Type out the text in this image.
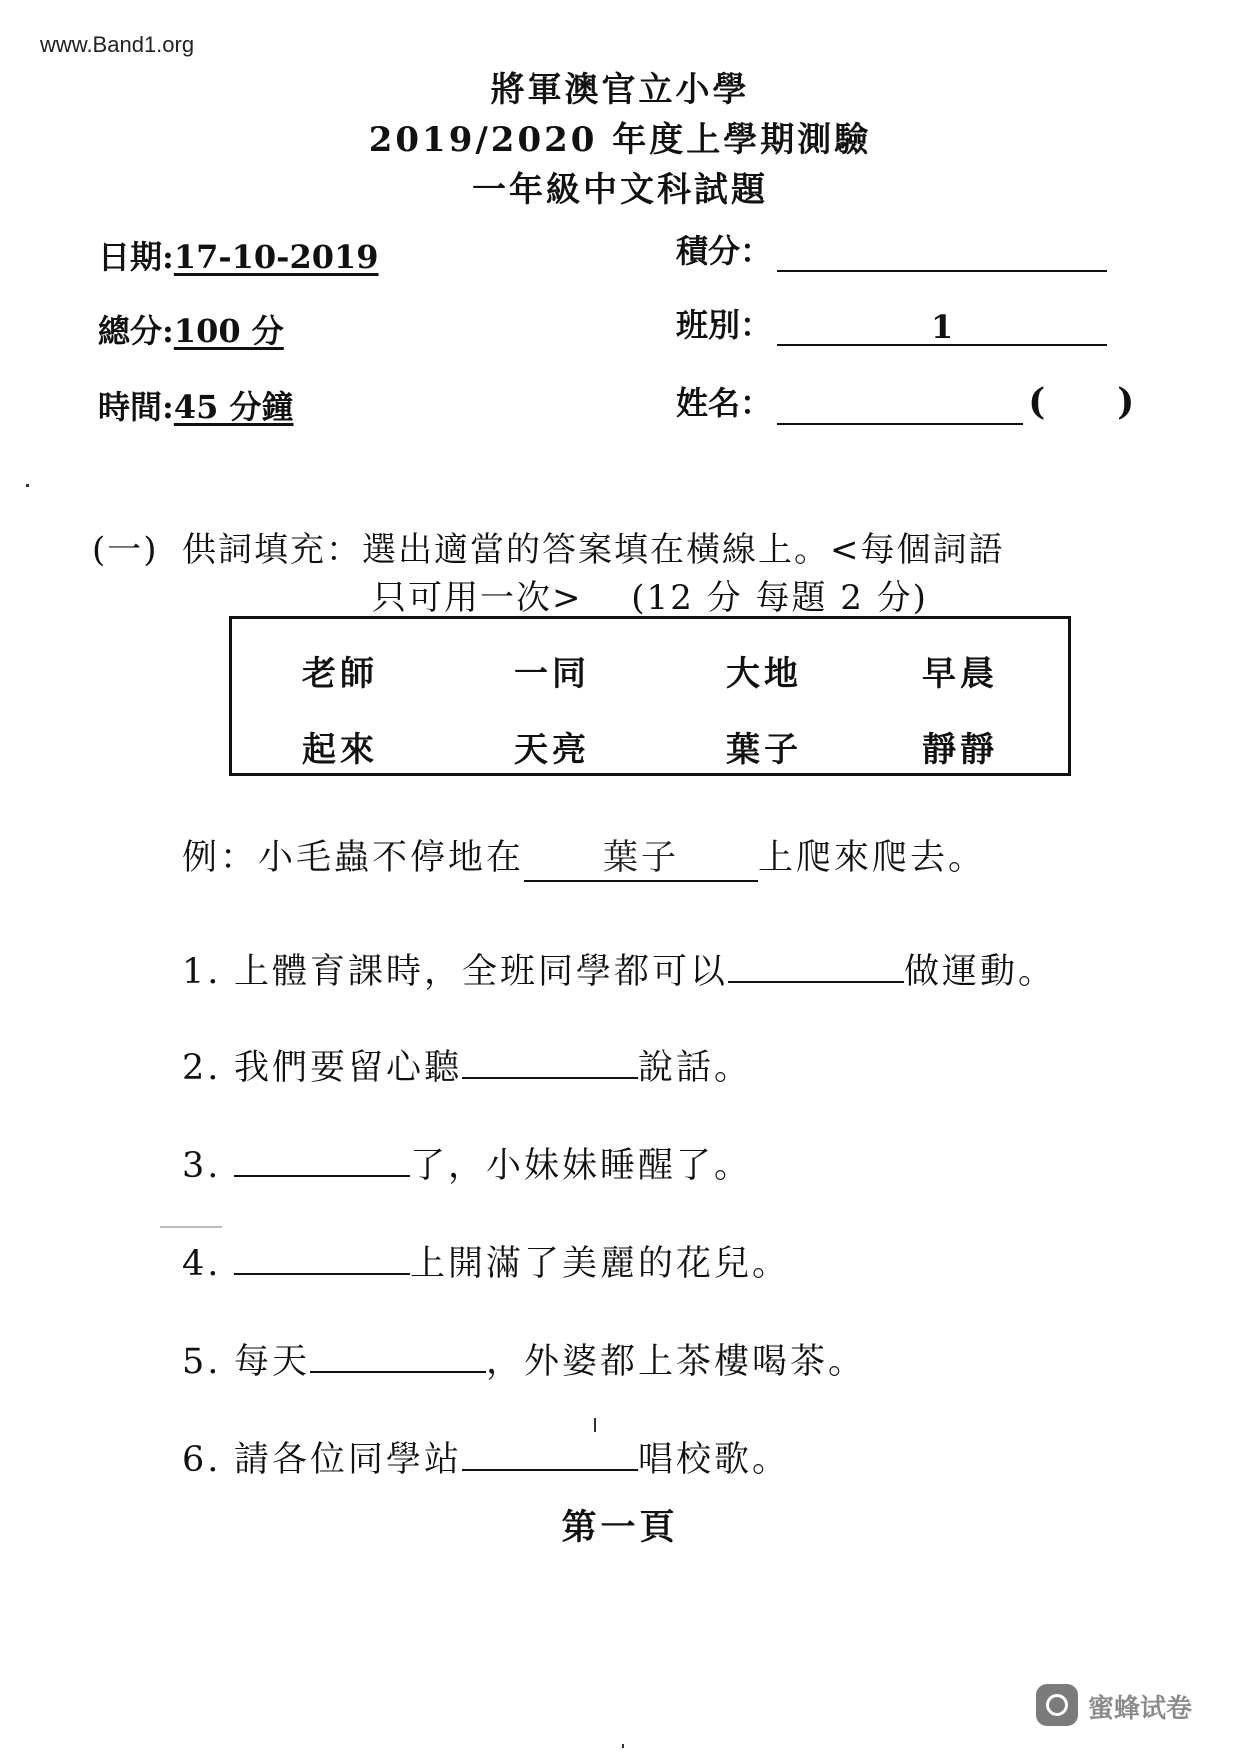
www.Band1.org
將軍澳官立小學
2019/2020 年度上學期測驗
一年級中文科試題
日期:17-10-2019
總分:100 分
時間:45 分鐘
積分：
班別：	1
姓名：	(　　)
(一) 供詞填充：選出適當的答案填在橫線上。<每個詞語
只可用一次>　 (12 分 每題 2 分)
老師	一同	大地	早晨
起來	天亮	葉子	靜靜
例：小毛蟲不停地在 葉子 上爬來爬去。
1. 上體育課時，全班同學都可以	做運動。
2. 我們要留心聽	說話。
3.	了，小妹妹睡醒了。
4.	上開滿了美麗的花兒。
5. 每天	，外婆都上茶樓喝茶。
6. 請各位同學站	唱校歌。
第一頁
蜜蜂试卷
